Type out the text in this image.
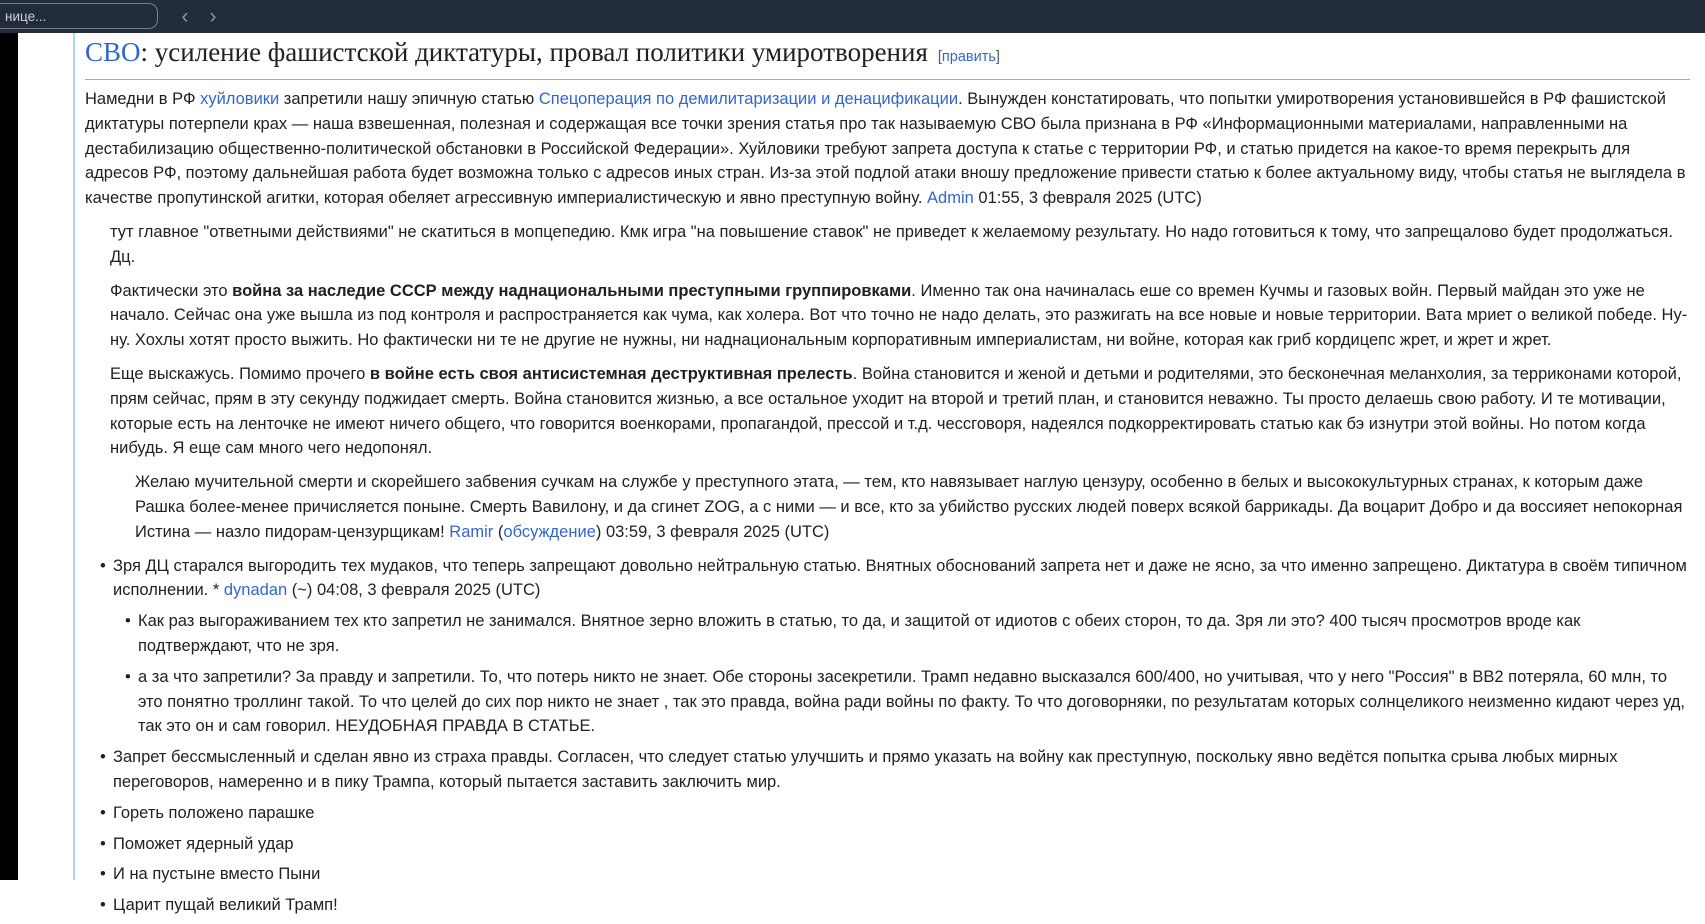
нице...
‹	›
СВО: усиление фашистской диктатуры, провал политики умиротворения [править]
Намедни в РФ хуйловики запретили нашу эпичную статью Спецоперация по демилитаризации и денацификации. Вынужден констатировать, что попытки умиротворения установившейся в РФ фашистской диктатуры потерпели крах — наша взвешенная, полезная и содержащая все точки зрения статья про так называемую СВО была признана в РФ «Информационными материалами, направленными на дестабилизацию общественно-политической обстановки в Российской Федерации». Хуйловики требуют запрета доступа к статье с территории РФ, и статью придется на какое-то время перекрыть для адресов РФ, поэтому дальнейшая работа будет возможна только с адресов иных стран. Из-за этой подлой атаки вношу предложение привести статью к более актуальному виду, чтобы статья не выглядела в качестве пропутинской агитки, которая обеляет агрессивную империалистическую и явно преступную войну. Admin 01:55, 3 февраля 2025 (UTC)
тут главное "ответными действиями" не скатиться в мопцепедию. Кмк игра "на повышение ставок" не приведет к желаемому результату. Но надо готовиться к тому, что запрещалово будет продолжаться. Дц.
Фактически это война за наследие СССР между наднациональными преступными группировками. Именно так она начиналась еше со времен Кучмы и газовых войн. Первый майдан это уже не начало. Сейчас она уже вышла из под контроля и распространяется как чума, как холера. Вот что точно не надо делать, это разжигать на все новые и новые территории. Вата мриет о великой победе. Ну-ну. Хохлы хотят просто выжить. Но фактически ни те не другие не нужны, ни наднациональным корпоративным империалистам, ни войне, которая как гриб кордицепс жрет, и жрет и жрет.
Еще выскажусь. Помимо прочего в войне есть своя антисистемная деструктивная прелесть. Война становится и женой и детьми и родителями, это бесконечная меланхолия, за терриконами которой, прям сейчас, прям в эту секунду поджидает смерть. Война становится жизнью, а все остальное уходит на второй и третий план, и становится неважно. Ты просто делаешь свою работу. И те мотивации, которые есть на ленточке не имеют ничего общего, что говорится военкорами, пропагандой, прессой и т.д. чессговоря, надеялся подкорректировать статью как бэ изнутри этой войны. Но потом когда нибудь. Я еще сам много чего недопонял.
Желаю мучительной смерти и скорейшего забвения сучкам на службе у преступного этата, — тем, кто навязывает наглую цензуру, особенно в белых и высококультурных странах, к которым даже Рашка более-менее причисляется поныне. Смерть Вавилону, и да сгинет ZOG, а с ними — и все, кто за убийство русских людей поверх всякой баррикады. Да воцарит Добро и да воссияет непокорная Истина — назло пидорам-цензурщикам! Ramir (обсуждение) 03:59, 3 февраля 2025 (UTC)
• Зря ДЦ старался выгородить тех мудаков, что теперь запрещают довольно нейтральную статью. Внятных обоснований запрета нет и даже не ясно, за что именно запрещено. Диктатура в своём типичном исполнении. * dynadan (~) 04:08, 3 февраля 2025 (UTC)
• Как раз выгораживанием тех кто запретил не занимался. Внятное зерно вложить в статью, то да, и защитой от идиотов с обеих сторон, то да. Зря ли это? 400 тысяч просмотров вроде как подтверждают, что не зря.
• а за что запретили? За правду и запретили. То, что потерь никто не знает. Обе стороны засекретили. Трамп недавно высказался 600/400, но учитывая, что у него "Россия" в ВВ2 потеряла, 60 млн, то это понятно троллинг такой. То что целей до сих пор никто не знает , так это правда, война ради войны по факту. То что договорняки, по результатам которых солнцеликого неизменно кидают через уд, так это он и сам говорил. НЕУДОБНАЯ ПРАВДА В СТАТЬЕ.
• Запрет бессмысленный и сделан явно из страха правды. Согласен, что следует статью улучшить и прямо указать на войну как преступную, поскольку явно ведётся попытка срыва любых мирных переговоров, намеренно и в пику Трампа, который пытается заставить заключить мир.
• Гореть положено парашке
• Поможет ядерный удар
• И на пустыне вместо Пыни
• Царит пущай великий Трамп!
